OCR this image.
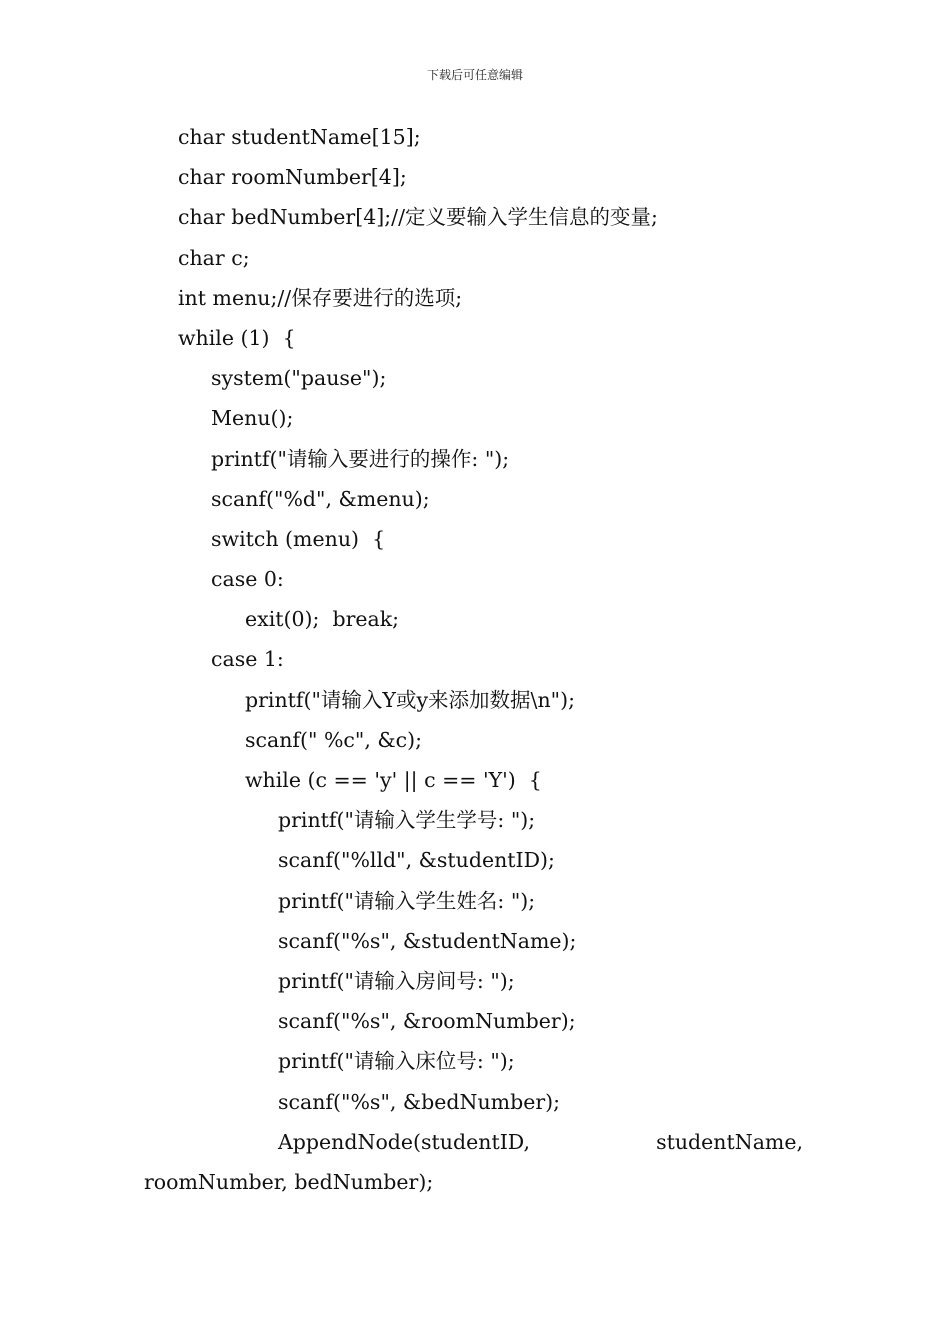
下载后可任意编辑
char studentName[15];
char roomNumber[4];
char bedNumber[4];//定义要输入学生信息的变量;
char c;
int menu;//保存要进行的选项;
while (1)  {
system("pause");
Menu();
printf("请输入要进行的操作: ");
scanf("%d", &menu);
switch (menu)  {
case 0:
exit(0);  break;
case 1:
printf("请输入Y或y来添加数据\n");
scanf(" %c", &c);
while (c == 'y' || c == 'Y')  {
printf("请输入学生学号: ");
scanf("%lld", &studentID);
printf("请输入学生姓名: ");
scanf("%s", &studentName);
printf("请输入房间号: ");
scanf("%s", &roomNumber);
printf("请输入床位号: ");
scanf("%s", &bedNumber);

AppendNode(studentID,

	studentName,

roomNumber, bedNumber);
